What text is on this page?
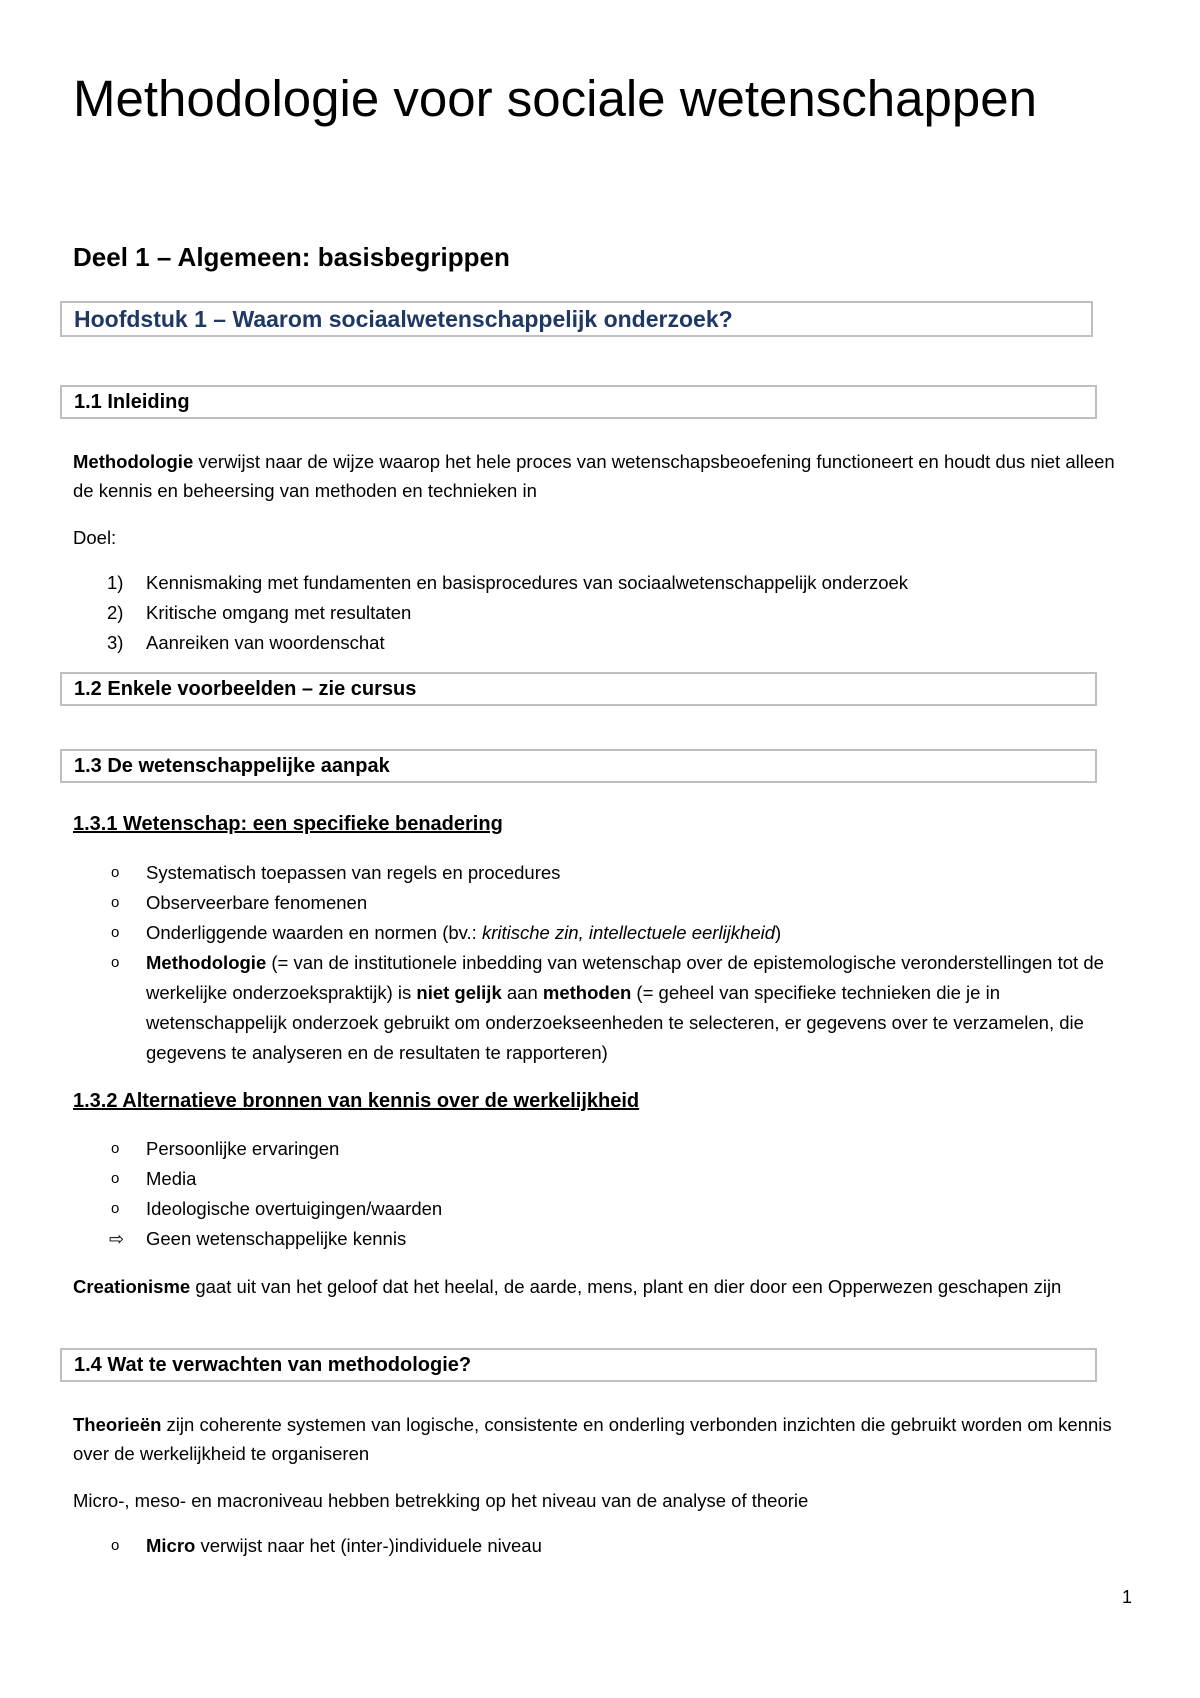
Methodologie voor sociale wetenschappen
Deel 1 – Algemeen: basisbegrippen
Hoofdstuk 1 – Waarom sociaalwetenschappelijk onderzoek?
1.1 Inleiding

Methodologie verwijst naar de wijze waarop het hele proces van wetenschapsbeoefening functioneert en houdt dus niet alleen de kennis en beheersing van methoden en technieken in

Doel:

1)	Kennismaking met fundamenten en basisprocedures van sociaalwetenschappelijk onderzoek
2)	Kritische omgang met resultaten
3)	Aanreiken van woordenschat
1.2 Enkele voorbeelden – zie cursus
1.3 De wetenschappelijke aanpak
1.3.1 Wetenschap: een specifieke benadering
o	Systematisch toepassen van regels en procedures
o	Observeerbare fenomenen
o	Onderliggende waarden en normen (bv.: kritische zin, intellectuele eerlijkheid)
o	Methodologie (= van de institutionele inbedding van wetenschap over de epistemologische veronderstellingen tot de werkelijke onderzoekspraktijk) is niet gelijk aan methoden (= geheel van specifieke technieken die je in wetenschappelijk onderzoek gebruikt om onderzoekseenheden te selecteren, er gegevens over te verzamelen, die gegevens te analyseren en de resultaten te rapporteren)
1.3.2 Alternatieve bronnen van kennis over de werkelijkheid
o	Persoonlijke ervaringen
o	Media
o	Ideologische overtuigingen/waarden
⇨	Geen wetenschappelijke kennis

Creationisme gaat uit van het geloof dat het heelal, de aarde, mens, plant en dier door een Opperwezen geschapen zijn

1.4 Wat te verwachten van methodologie?

Theorieën zijn coherente systemen van logische, consistente en onderling verbonden inzichten die gebruikt worden om kennis over de werkelijkheid te organiseren

Micro-, meso- en macroniveau hebben betrekking op het niveau van de analyse of theorie

o	Micro verwijst naar het (inter-)individuele niveau
1
